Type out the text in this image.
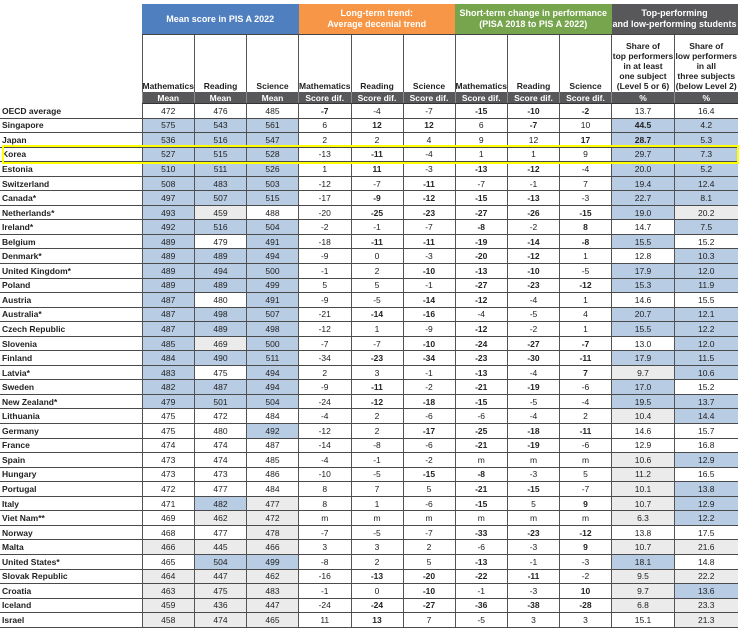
	Mean score in PIS A 2022			Long-term trend:
Average decenial trend			Short-term change in performance
(PISA 2018 to PIS A 2022)			Top-performing
and low-performing students	
	Mathematics	Reading	Science	Mathematics	Reading	Science	Mathematics	Reading	Science	Share of
top performers
in at least
one subject
(Level 5 or 6)	Share of
low performers
in all
three subjects
(below Level 2)
	Mean	Mean	Mean	Score dif.	Score dif.	Score dif.	Score dif.	Score dif.	Score dif.	%	%
OECD average	472	476	485	-7	-4	-7	-15	-10	-2	13.7	16.4
Singapore	575	543	561	6	12	12	6	-7	10	44.5	4.2
Japan	536	516	547	2	2	4	9	12	17	28.7	5.3
Korea	527	515	528	-13	-11	-4	1	1	9	29.7	7.3
Estonia	510	511	526	1	11	-3	-13	-12	-4	20.0	5.2
Switzerland	508	483	503	-12	-7	-11	-7	-1	7	19.4	12.4
Canada*	497	507	515	-17	-9	-12	-15	-13	-3	22.7	8.1
Netherlands*	493	459	488	-20	-25	-23	-27	-26	-15	19.0	20.2
Ireland*	492	516	504	-2	-1	-7	-8	-2	8	14.7	7.5
Belgium	489	479	491	-18	-11	-11	-19	-14	-8	15.5	15.2
Denmark*	489	489	494	-9	0	-3	-20	-12	1	12.8	10.3
United Kingdom*	489	494	500	-1	2	-10	-13	-10	-5	17.9	12.0
Poland	489	489	499	5	5	-1	-27	-23	-12	15.3	11.9
Austria	487	480	491	-9	-5	-14	-12	-4	1	14.6	15.5
Australia*	487	498	507	-21	-14	-16	-4	-5	4	20.7	12.1
Czech Republic	487	489	498	-12	1	-9	-12	-2	1	15.5	12.2
Slovenia	485	469	500	-7	-7	-10	-24	-27	-7	13.0	12.0
Finland	484	490	511	-34	-23	-34	-23	-30	-11	17.9	11.5
Latvia*	483	475	494	2	3	-1	-13	-4	7	9.7	10.6
Sweden	482	487	494	-9	-11	-2	-21	-19	-6	17.0	15.2
New Zealand*	479	501	504	-24	-12	-18	-15	-5	-4	19.5	13.7
Lithuania	475	472	484	-4	2	-6	-6	-4	2	10.4	14.4
Germany	475	480	492	-12	2	-17	-25	-18	-11	14.6	15.7
France	474	474	487	-14	-8	-6	-21	-19	-6	12.9	16.8
Spain	473	474	485	-4	-1	-2	m	m	m	10.6	12.9
Hungary	473	473	486	-10	-5	-15	-8	-3	5	11.2	16.5
Portugal	472	477	484	8	7	5	-21	-15	-7	10.1	13.8
Italy	471	482	477	8	1	-6	-15	5	9	10.7	12.9
Viet Nam**	469	462	472	m	m	m	m	m	m	6.3	12.2
Norway	468	477	478	-7	-5	-7	-33	-23	-12	13.8	17.5
Malta	466	445	466	3	3	2	-6	-3	9	10.7	21.6
United States*	465	504	499	-8	2	5	-13	-1	-3	18.1	14.8
Slovak Republic	464	447	462	-16	-13	-20	-22	-11	-2	9.5	22.2
Croatia	463	475	483	-1	0	-10	-1	-3	10	9.7	13.6
Iceland	459	436	447	-24	-24	-27	-36	-38	-28	6.8	23.3
Israel	458	474	465	11	13	7	-5	3	3	15.1	21.3
